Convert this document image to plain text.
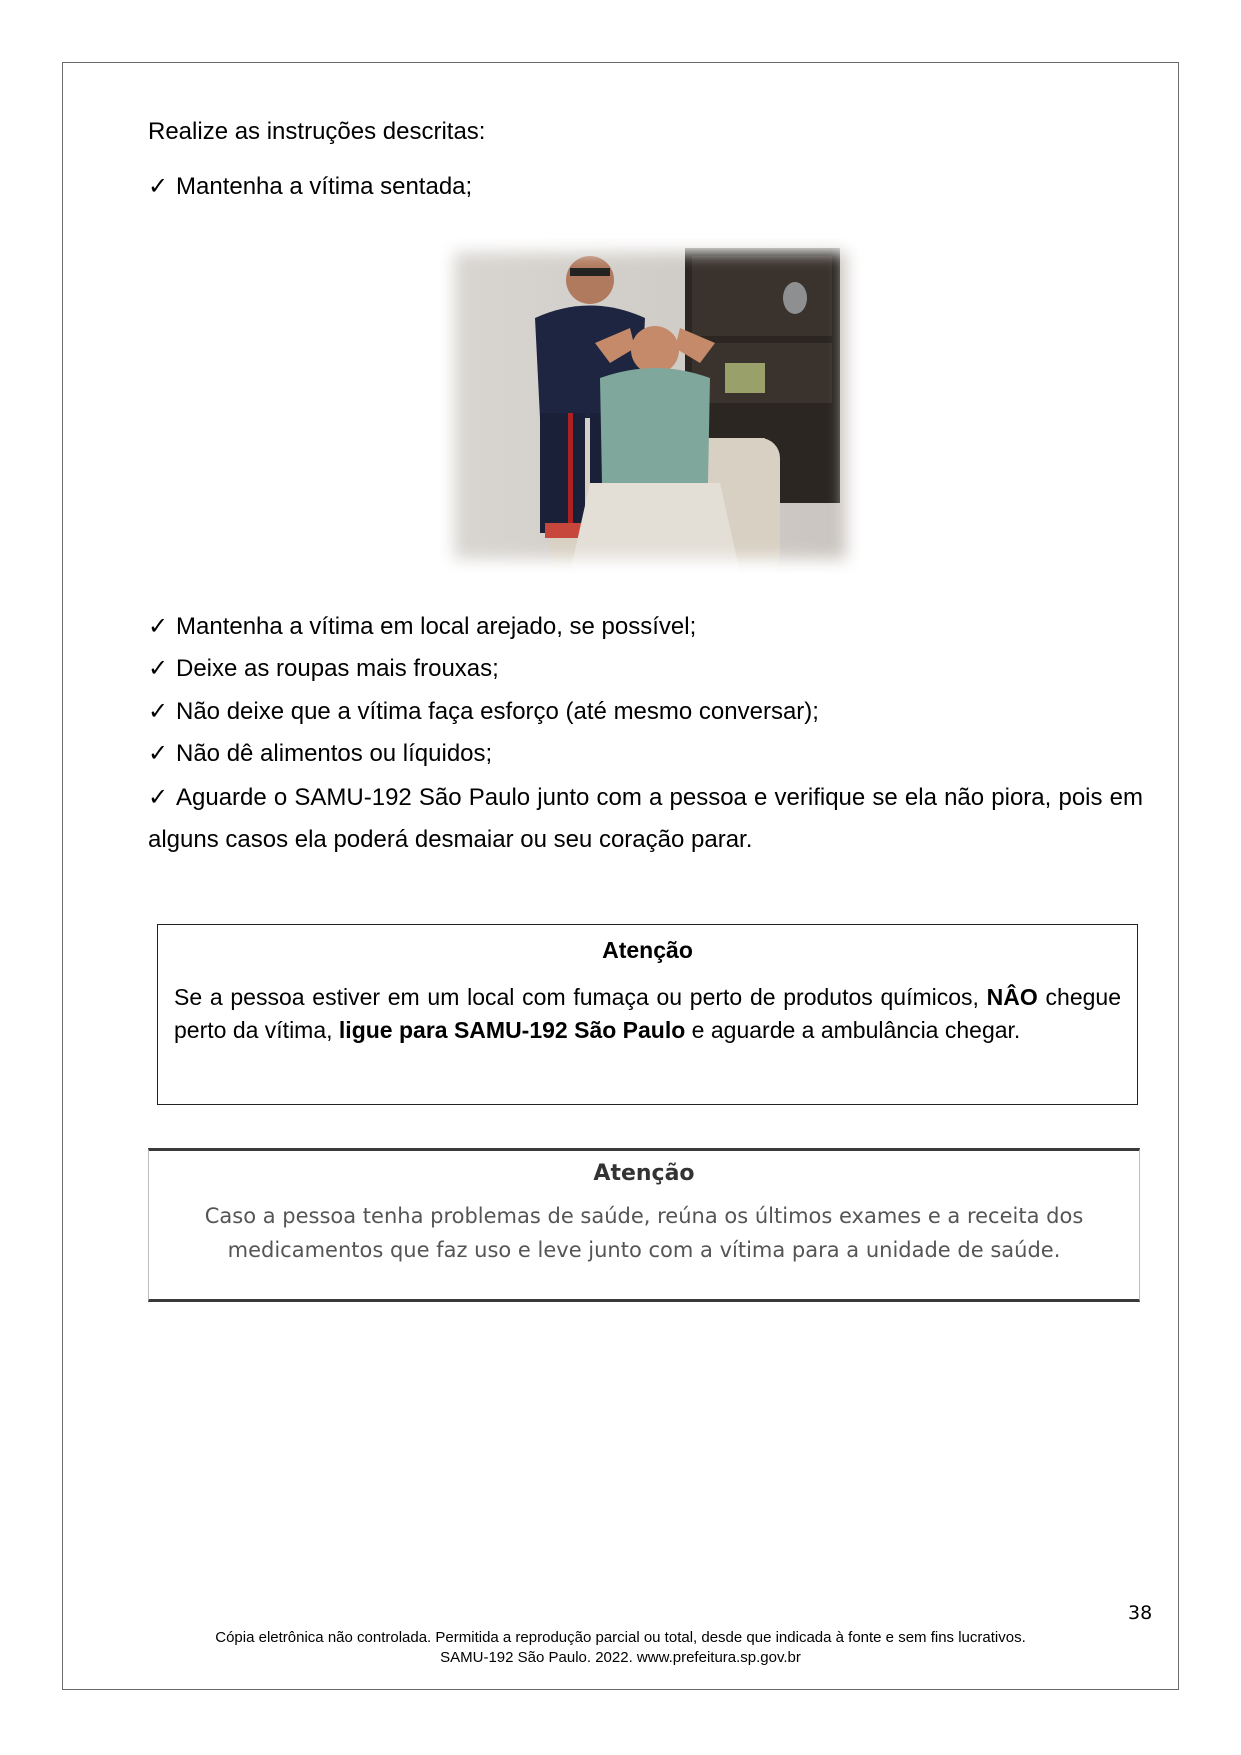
Realize as instruções descritas:
✓ Mantenha a vítima sentada;
✓ Mantenha a vítima em local arejado, se possível;
✓ Deixe as roupas mais frouxas;
✓ Não deixe que a vítima faça esforço (até mesmo conversar);
✓ Não dê alimentos ou líquidos;
✓ Aguarde o SAMU-192 São Paulo junto com a pessoa e verifique se ela não piora, pois em alguns casos ela poderá desmaiar ou seu coração parar.
Atenção
Se a pessoa estiver em um local com fumaça ou perto de produtos químicos, NÂO chegue perto da vítima, ligue para SAMU-192 São Paulo e aguarde a ambulância chegar.
Atenção
Caso a pessoa tenha problemas de saúde, reúna os últimos exames e a receita dos
medicamentos que faz uso e leve junto com a vítima para a unidade de saúde.
38
Cópia eletrônica não controlada. Permitida a reprodução parcial ou total, desde que indicada à fonte e sem fins lucrativos.
SAMU-192 São Paulo. 2022. www.prefeitura.sp.gov.br
